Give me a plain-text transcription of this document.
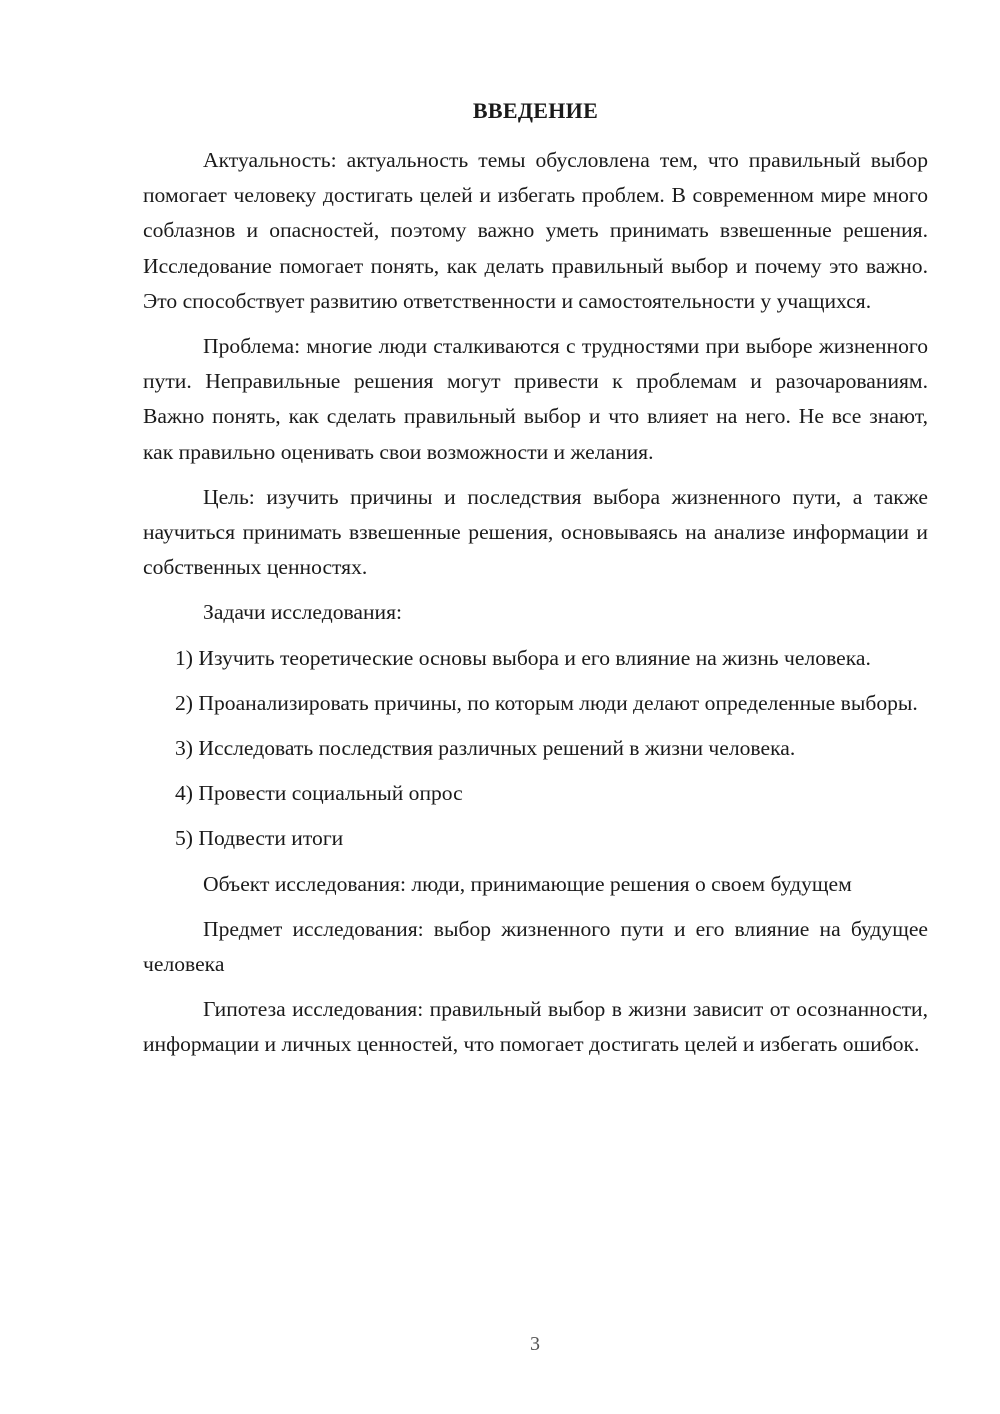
ВВЕДЕНИЕ

Актуальность: актуальность темы обусловлена тем, что правильный выбор помогает человеку достигать целей и избегать проблем. В современном мире много соблазнов и опасностей, поэтому важно уметь принимать взвешенные решения. Исследование помогает понять, как делать правильный выбор и почему это важно. Это способствует развитию ответственности и самостоятельности у учащихся.

Проблема: многие люди сталкиваются с трудностями при выборе жизненного пути. Неправильные решения могут привести к проблемам и разочарованиям. Важно понять, как сделать правильный выбор и что влияет на него. Не все знают, как правильно оценивать свои возможности и желания.

Цель: изучить причины и последствия выбора жизненного пути, а также научиться принимать взвешенные решения, основываясь на анализе информации и собственных ценностях.

Задачи исследования:

1) Изучить теоретические основы выбора и его влияние на жизнь человека.

2) Проанализировать причины, по которым люди делают определенные выборы.

3) Исследовать последствия различных решений в жизни человека.

4) Провести социальный опрос

5) Подвести итоги

Объект исследования: люди, принимающие решения о своем будущем

Предмет исследования: выбор жизненного пути и его влияние на будущее человека

Гипотеза исследования: правильный выбор в жизни зависит от осознанности, информации и личных ценностей, что помогает достигать целей и избегать ошибок.

3
